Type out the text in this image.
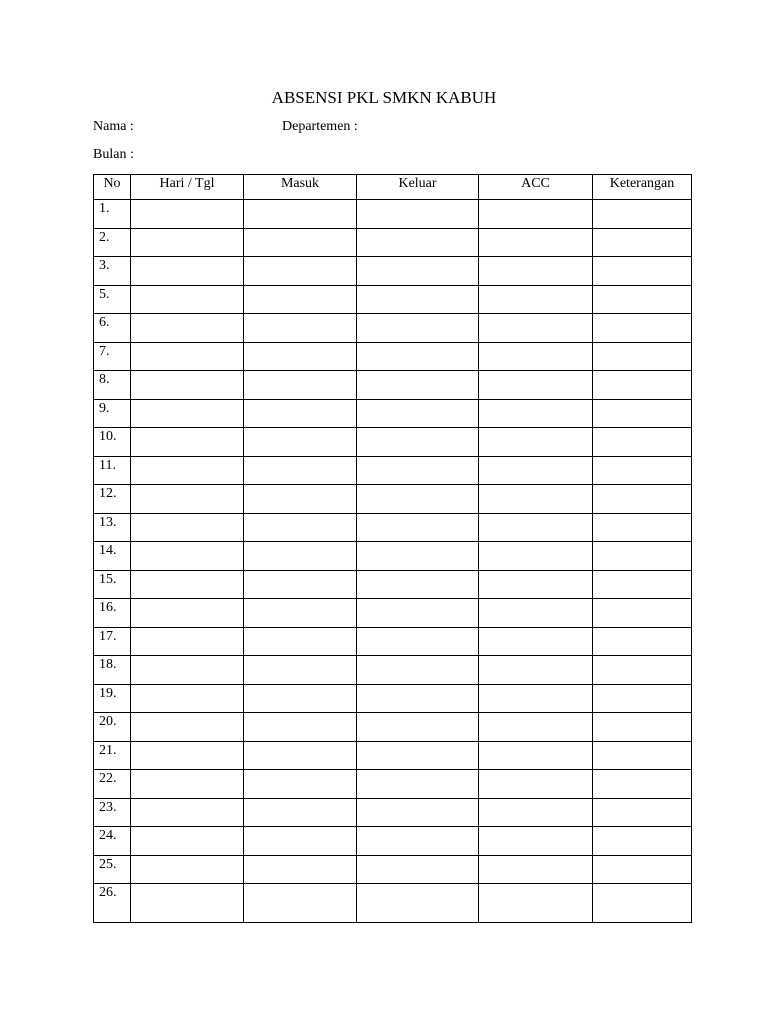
ABSENSI PKL SMKN KABUH
Nama :	Departemen :
Bulan :
No	Hari / Tgl	Masuk	Keluar	ACC	Keterangan
1.					
2.					
3.					
5.					
6.					
7.					
8.					
9.					
10.					
11.					
12.					
13.					
14.					
15.					
16.					
17.					
18.					
19.					
20.					
21.					
22.					
23.					
24.					
25.					
26.					
